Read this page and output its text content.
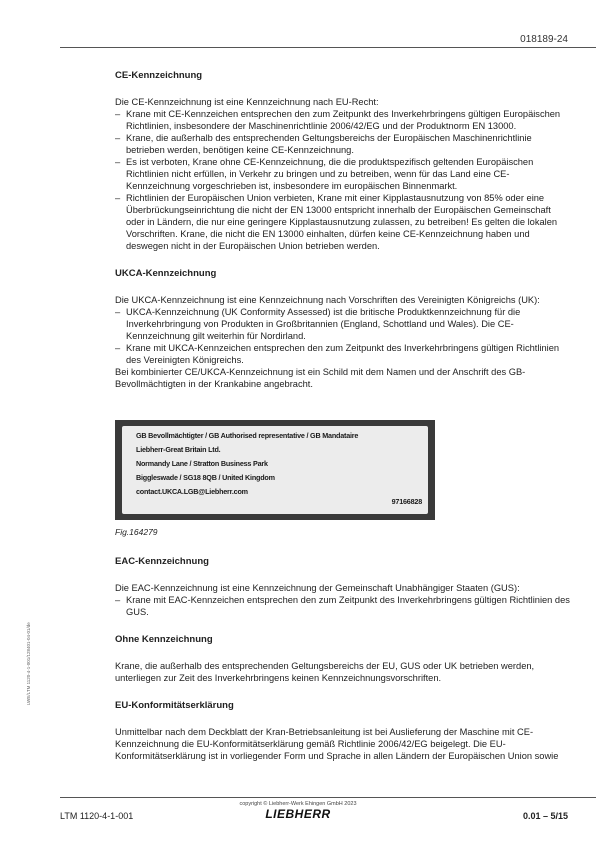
018189-24
LWE/LTM 1120-4-1-001/128401-04-01/de
CE-Kennzeichnung

Die CE-Kennzeichnung ist eine Kennzeichnung nach EU-Recht:

– Krane mit CE-Kennzeichen entsprechen den zum Zeitpunkt des Inverkehrbringens gültigen Europäischen Richtlinien, insbesondere der Maschinenrichtlinie 2006/42/EG und der Produktnorm EN 13000.
– Krane, die außerhalb des entsprechenden Geltungsbereichs der Europäischen Maschinenrichtlinie betrieben werden, benötigen keine CE-Kennzeichnung.
– Es ist verboten, Krane ohne CE-Kennzeichnung, die die produktspezifisch geltenden Europäischen Richtlinien nicht erfüllen, in Verkehr zu bringen und zu betreiben, wenn für das Land eine CE-Kennzeichnung vorgeschrieben ist, insbesondere im europäischen Binnenmarkt.
– Richtlinien der Europäischen Union verbieten, Krane mit einer Kipplastausnutzung von 85% oder eine Überbrückungseinrichtung die nicht der EN 13000 entspricht innerhalb der Europäischen Gemeinschaft oder in Ländern, die nur eine geringere Kipplastausnutzung zulassen, zu betreiben! Es gelten die lokalen Vorschriften. Krane, die nicht die EN 13000 einhalten, dürfen keine CE-Kennzeichnung haben und deswegen nicht in der Europäischen Union betrieben werden.
UKCA-Kennzeichnung

Die UKCA-Kennzeichnung ist eine Kennzeichnung nach Vorschriften des Vereinigten Königreichs (UK):

– UKCA-Kennzeichnung (UK Conformity Assessed) ist die britische Produktkennzeichnung für die Inverkehrbringung von Produkten in Großbritannien (England, Schottland und Wales). Die CE-Kennzeichnung gilt weiterhin für Nordirland.
– Krane mit UKCA-Kennzeichen entsprechen den zum Zeitpunkt des Inverkehrbringens gültigen Richtlinien des Vereinigten Königreichs.

Bei kombinierter CE/UKCA-Kennzeichnung ist ein Schild mit dem Namen und der Anschrift des GB-Bevollmächtigten in der Krankabine angebracht.

GB Bevollmächtigter / GB Authorised representative / GB Mandataire
Liebherr-Great Britain Ltd.
Normandy Lane / Stratton Business Park
Biggleswade / SG18 8QB / United Kingdom
contact.UKCA.LGB@Liebherr.com
97166828
Fig.164279
EAC-Kennzeichnung

Die EAC-Kennzeichnung ist eine Kennzeichnung der Gemeinschaft Unabhängiger Staaten (GUS):

– Krane mit EAC-Kennzeichen entsprechen den zum Zeitpunkt des Inverkehrbringens gültigen Richtlinien des GUS.
Ohne Kennzeichnung

Krane, die außerhalb des entsprechenden Geltungsbereichs der EU, GUS oder UK betrieben werden, unterliegen zur Zeit des Inverkehrbringens keinen Kennzeichnungsvorschriften.

EU-Konformitätserklärung

Unmittelbar nach dem Deckblatt der Kran-Betriebsanleitung ist bei Auslieferung der Maschine mit CE-Kennzeichnung die EU-Konformitätserklärung gemäß Richtlinie 2006/42/EG beigelegt. Die EU-Konformitätserklärung ist in vorliegender Form und Sprache in allen Ländern der Europäischen Union sowie

LTM 1120-4-1-001
copyright © Liebherr-Werk Ehingen GmbH 2023
LIEBHERR	0.01 – 5/15
